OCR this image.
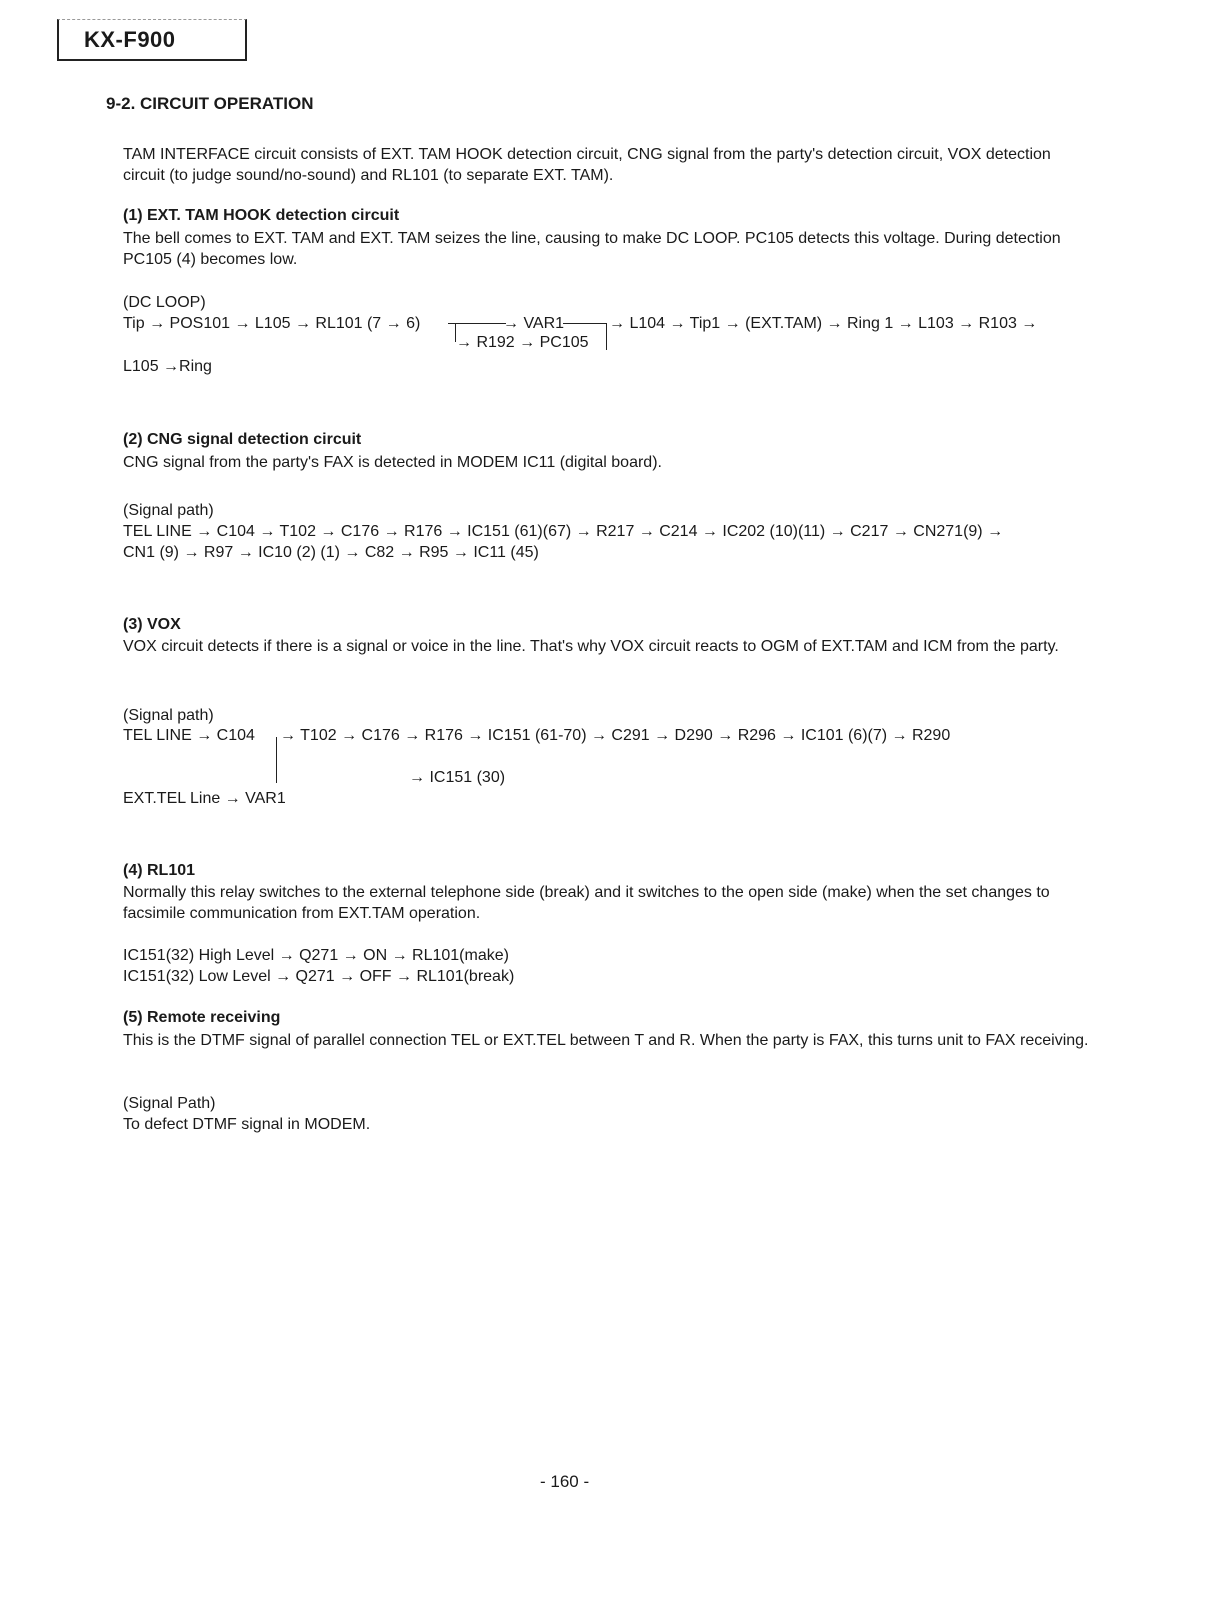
KX-F900
9-2. CIRCUIT OPERATION
TAM INTERFACE circuit consists of EXT. TAM HOOK detection circuit, CNG signal from the party's detection circuit, VOX detection circuit (to judge sound/no-sound) and RL101 (to separate EXT. TAM).
(1) EXT. TAM HOOK detection circuit
The bell comes to EXT. TAM and EXT. TAM seizes the line, causing to make DC LOOP. PC105 detects this voltage. During detection PC105 (4) becomes low.
(DC LOOP)
Tip → POS101 → L105 → RL101 (7 → 6)	→ VAR1	→ L104 → Tip1 → (EXT.TAM) → Ring 1 → L103 → R103 →
→ R192 → PC105
L105 →Ring
(2) CNG signal detection circuit
CNG signal from the party's FAX is detected in MODEM IC11 (digital board).
(Signal path)
TEL LINE → C104 → T102 → C176 → R176 → IC151 (61)(67) → R217 → C214 → IC202 (10)(11) → C217 → CN271(9) →
CN1 (9) → R97 → IC10 (2) (1) → C82 → R95 → IC11 (45)
(3) VOX
VOX circuit detects if there is a signal or voice in the line. That's why VOX circuit reacts to OGM of EXT.TAM and ICM from the party.
(Signal path)
TEL LINE → C104 → T102 → C176 → R176 → IC151 (61-70) → C291 → D290 → R296 → IC101 (6)(7) → R290
→ IC151 (30)
EXT.TEL Line → VAR1
(4) RL101
Normally this relay switches to the external telephone side (break) and it switches to the open side (make) when the set changes to facsimile communication from EXT.TAM operation.
IC151(32) High Level → Q271 → ON → RL101(make)
IC151(32) Low Level → Q271 → OFF → RL101(break)
(5) Remote receiving
This is the DTMF signal of parallel connection TEL or EXT.TEL between T and R. When the party is FAX, this turns unit to FAX receiving.
(Signal Path)
To defect DTMF signal in MODEM.
- 160 -
